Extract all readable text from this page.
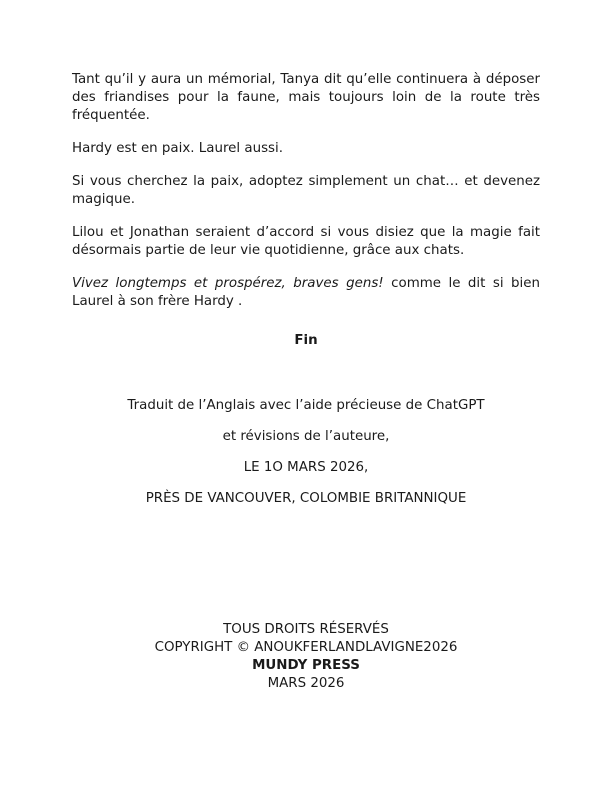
Tant qu’il y aura un mémorial, Tanya dit qu’elle continuera à déposer des friandises pour la faune, mais toujours loin de la route très fréquentée.

Hardy est en paix. Laurel aussi.

Si vous cherchez la paix, adoptez simplement un chat… et devenez magique.

Lilou et Jonathan seraient d’accord si vous disiez que la magie fait désormais partie de leur vie quotidienne, grâce aux chats.

Vivez longtemps et prospérez, braves gens! comme le dit si bien Laurel à son frère Hardy .

Fin
Traduit de l’Anglais avec l’aide précieuse de ChatGPT
et révisions de l’auteure,
LE 1O MARS 2026,
PRÈS DE VANCOUVER, COLOMBIE BRITANNIQUE
TOUS DROITS RÉSERVÉS
COPYRIGHT © ANOUKFERLANDLAVIGNE2026
MUNDY PRESS
MARS 2026
